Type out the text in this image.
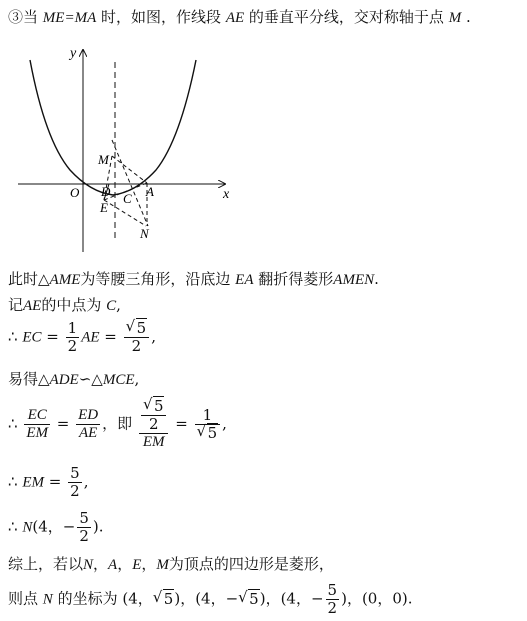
③当 ME=MA 时，如图，作线段 AE 的垂直平分线，交对称轴于点 M .
y
x
M
O D	A
E
C
N
此时△AME为等腰三角形，沿底边 EA 翻折得菱形AMEN.
记AE的中点为 C,
∴ EC = $\frac{1}{2}$ AE = $\frac{√ 5}{2}$ ,
易得△ADE∽△MCE,
∴ $\frac{EC}{EM} = \frac{ED}{AE}$ ，即 $\frac{\frac{√ 5}{2}}{EM} = \frac{1}{√ 5}$ ,
∴ EM = $\frac{5}{2}$ ,
∴ N(4，− $\frac{5}{2}$ ).
综上，若以N，A，E，M为顶点的四边形是菱形，
则点 N 的坐标为 (4， √ 5)，(4，− √ 5)，(4，− $\frac{5}{2}$ )，(0，0).
